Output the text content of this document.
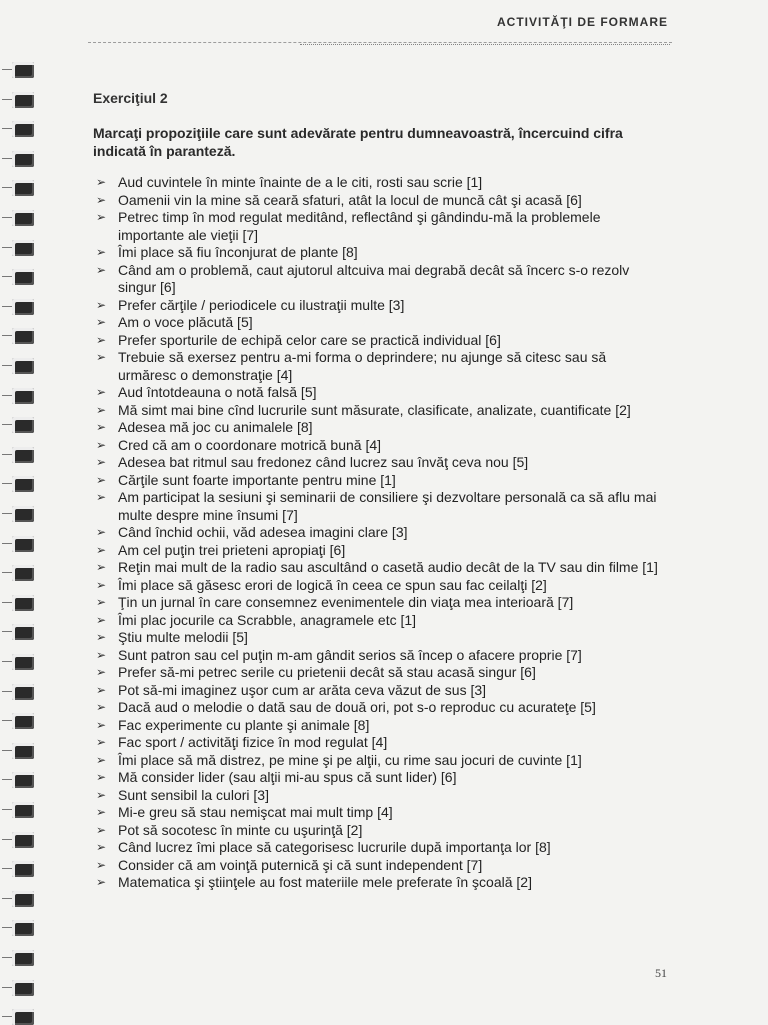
ACTIVITĂŢI DE FORMARE
Exerciţiul 2

Marcaţi propoziţiile care sunt adevărate pentru dumneavoastră, încercuind cifra indicată în paranteză.

➢ Aud cuvintele în minte înainte de a le citi, rosti sau scrie [1]
➢ Oamenii vin la mine să ceară sfaturi, atât la locul de muncă cât şi acasă [6]
➢ Petrec timp în mod regulat meditând, reflectând şi gândindu-mă la problemele importante ale vieţii [7]
➢ Îmi place să fiu înconjurat de plante [8]
➢ Când am o problemă, caut ajutorul altcuiva mai degrabă decât să încerc s-o rezolv singur [6]
➢ Prefer cărţile / periodicele cu ilustraţii multe [3]
➢ Am o voce plăcută [5]
➢ Prefer sporturile de echipă celor care se practică individual [6]
➢ Trebuie să exersez pentru a-mi forma o deprindere; nu ajunge să citesc sau să urmăresc o demonstraţie [4]
➢ Aud întotdeauna o notă falsă [5]
➢ Mă simt mai bine cînd lucrurile sunt măsurate, clasificate, analizate, cuantificate [2]
➢ Adesea mă joc cu animalele [8]
➢ Cred că am o coordonare motrică bună [4]
➢ Adesea bat ritmul sau fredonez când lucrez sau învăţ ceva nou [5]
➢ Cărţile sunt foarte importante pentru mine [1]
➢ Am participat la sesiuni şi seminarii de consiliere şi dezvoltare personală ca să aflu mai multe despre mine însumi [7]
➢ Când închid ochii, văd adesea imagini clare [3]
➢ Am cel puţin trei prieteni apropiaţi [6]
➢ Reţin mai mult de la radio sau ascultând o casetă audio decât de la TV sau din filme [1]
➢ Îmi place să găsesc erori de logică în ceea ce spun sau fac ceilalţi [2]
➢ Ţin un jurnal în care consemnez evenimentele din viaţa mea interioară [7]
➢ Îmi plac jocurile ca Scrabble, anagramele etc [1]
➢ Ştiu multe melodii [5]
➢ Sunt patron sau cel puţin m-am gândit serios să încep o afacere proprie [7]
➢ Prefer să-mi petrec serile cu prietenii decât să stau acasă singur [6]
➢ Pot să-mi imaginez uşor cum ar arăta ceva văzut de sus [3]
➢ Dacă aud o melodie o dată sau de două ori, pot s-o reproduc cu acurateţe [5]
➢ Fac experimente cu plante şi animale [8]
➢ Fac sport / activităţi fizice în mod regulat [4]
➢ Îmi place să mă distrez, pe mine şi pe alţii, cu rime sau jocuri de cuvinte [1]
➢ Mă consider lider (sau alţii mi-au spus că sunt lider) [6]
➢ Sunt sensibil la culori [3]
➢ Mi-e greu să stau nemişcat mai mult timp [4]
➢ Pot să socotesc în minte cu uşurinţă [2]
➢ Când lucrez îmi place să categorisesc lucrurile după importanţa lor [8]
➢ Consider că am voinţă puternică şi că sunt independent [7]
➢ Matematica şi ştiinţele au fost materiile mele preferate în şcoală [2]
51
